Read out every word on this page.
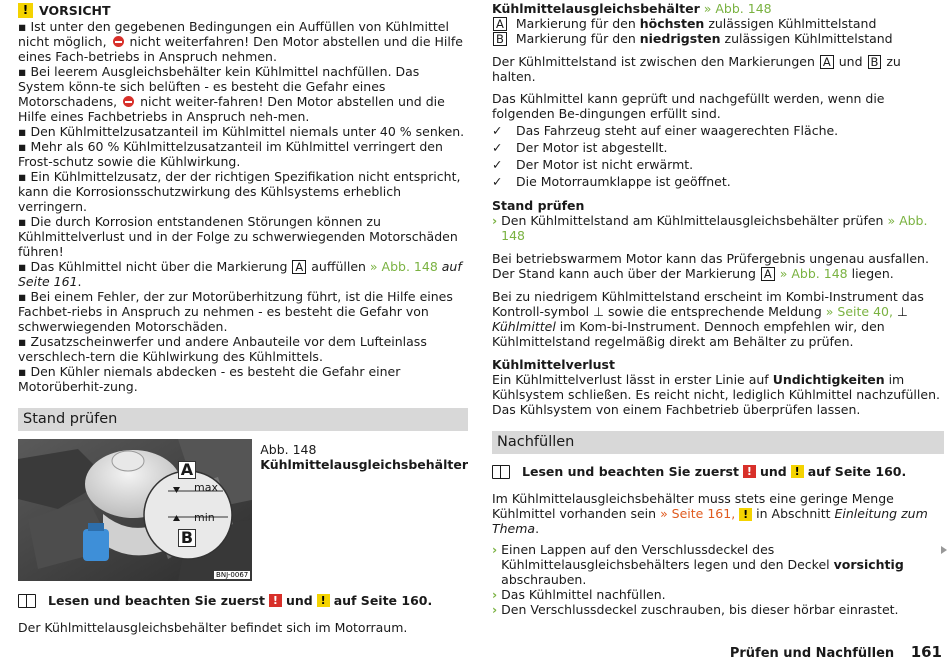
! VORSICHT

▪ Ist unter den gegebenen Bedingungen ein Auffüllen von Kühlmittel nicht möglich, nicht weiterfahren! Den Motor abstellen und die Hilfe eines Fach-betriebs in Anspruch nehmen.

▪ Bei leerem Ausgleichsbehälter kein Kühlmittel nachfüllen. Das System könn-te sich belüften - es besteht die Gefahr eines Motorschadens, nicht weiter-fahren! Den Motor abstellen und die Hilfe eines Fachbetriebs in Anspruch neh-men.

▪ Den Kühlmittelzusatzanteil im Kühlmittel niemals unter 40 % senken.

▪ Mehr als 60 % Kühlmittelzusatzanteil im Kühlmittel verringert den Frost-schutz sowie die Kühlwirkung.

▪ Ein Kühlmittelzusatz, der der richtigen Spezifikation nicht entspricht, kann die Korrosionsschutzwirkung des Kühlsystems erheblich verringern.

▪ Die durch Korrosion entstandenen Störungen können zu Kühlmittelverlust und in der Folge zu schwerwiegenden Motorschäden führen!

▪ Das Kühlmittel nicht über die Markierung A auffüllen » Abb. 148 auf Seite 161.

▪ Bei einem Fehler, der zur Motorüberhitzung führt, ist die Hilfe eines Fachbet-riebs in Anspruch zu nehmen - es besteht die Gefahr von schwerwiegenden Motorschäden.

▪ Zusatzscheinwerfer und andere Anbauteile vor dem Lufteinlass verschlech-tern die Kühlwirkung des Kühlmittels.

▪ Den Kühler niemals abdecken - es besteht die Gefahr einer Motorüberhit-zung.

Stand prüfen
A
max
min
B
BNJ-0067
Abb. 148
Kühlmittelausgleichsbehälter

Lesen und beachten Sie zuerst ! und ! auf Seite 160.

Der Kühlmittelausgleichsbehälter befindet sich im Motorraum.

Kühlmittelausgleichsbehälter » Abb. 148

A Markierung für den höchsten zulässigen Kühlmittelstand
B Markierung für den niedrigsten zulässigen Kühlmittelstand

Der Kühlmittelstand ist zwischen den Markierungen A und B zu halten.

Das Kühlmittel kann geprüft und nachgefüllt werden, wenn die folgenden Be-dingungen erfüllt sind.

✓ Das Fahrzeug steht auf einer waagerechten Fläche.
✓ Der Motor ist abgestellt.
✓ Der Motor ist nicht erwärmt.
✓ Die Motorraumklappe ist geöffnet.

Stand prüfen

› Den Kühlmittelstand am Kühlmittelausgleichsbehälter prüfen » Abb. 148

Bei betriebswarmem Motor kann das Prüfergebnis ungenau ausfallen. Der Stand kann auch über der Markierung A » Abb. 148 liegen.

Bei zu niedrigem Kühlmittelstand erscheint im Kombi-Instrument das Kontroll-symbol ⊥ sowie die entsprechende Meldung » Seite 40, ⊥ Kühlmittel im Kom-bi-Instrument. Dennoch empfehlen wir, den Kühlmittelstand regelmäßig direkt am Behälter zu prüfen.

Kühlmittelverlust

Ein Kühlmittelverlust lässt in erster Linie auf Undichtigkeiten im Kühlsystem schließen. Es reicht nicht, lediglich Kühlmittel nachzufüllen. Das Kühlsystem von einem Fachbetrieb überprüfen lassen.

Nachfüllen

Lesen und beachten Sie zuerst ! und ! auf Seite 160.

Im Kühlmittelausgleichsbehälter muss stets eine geringe Menge Kühlmittel vorhanden sein » Seite 161, ! in Abschnitt Einleitung zum Thema.

› Einen Lappen auf den Verschlussdeckel des Kühlmittelausgleichsbehälters legen und den Deckel vorsichtig abschrauben.
› Das Kühlmittel nachfüllen.
› Den Verschlussdeckel zuschrauben, bis dieser hörbar einrastet.
Prüfen und Nachfüllen 161
